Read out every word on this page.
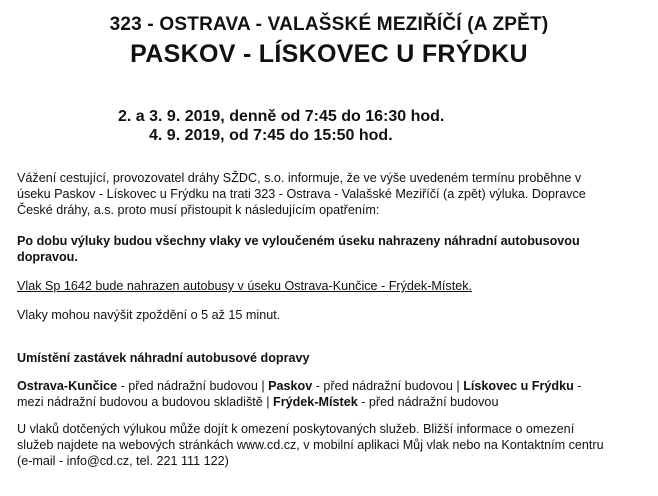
323 - OSTRAVA - VALAŠSKÉ MEZIŘÍČÍ (A ZPĚT)
PASKOV - LÍSKOVEC U FRÝDKU
2. a 3. 9. 2019, denně od 7:45 do 16:30 hod.
4. 9. 2019, od 7:45 do 15:50 hod.
Vážení cestující, provozovatel dráhy SŽDC, s.o. informuje, že ve výše uvedeném termínu proběhne v
úseku Paskov - Lískovec u Frýdku na trati 323 - Ostrava - Valašské Meziříčí (a zpět) výluka. Dopravce
České dráhy, a.s. proto musí přistoupit k následujícím opatřením:
Po dobu výluky budou všechny vlaky ve vyloučeném úseku nahrazeny náhradní autobusovou
dopravou.
Vlak Sp 1642 bude nahrazen autobusy v úseku Ostrava-Kunčice - Frýdek-Místek.
Vlaky mohou navýšit zpoždění o 5 až 15 minut.
Umístění zastávek náhradní autobusové dopravy
Ostrava-Kunčice - před nádražní budovou | Paskov - před nádražní budovou | Lískovec u Frýdku -
mezi nádražní budovou a budovou skladiště | Frýdek-Místek - před nádražní budovou
U vlaků dotčených výlukou může dojít k omezení poskytovaných služeb. Bližší informace o omezení
služeb najdete na webových stránkách www.cd.cz, v mobilní aplikaci Můj vlak nebo na Kontaktním centru
(e-mail - info@cd.cz, tel. 221 111 122)
